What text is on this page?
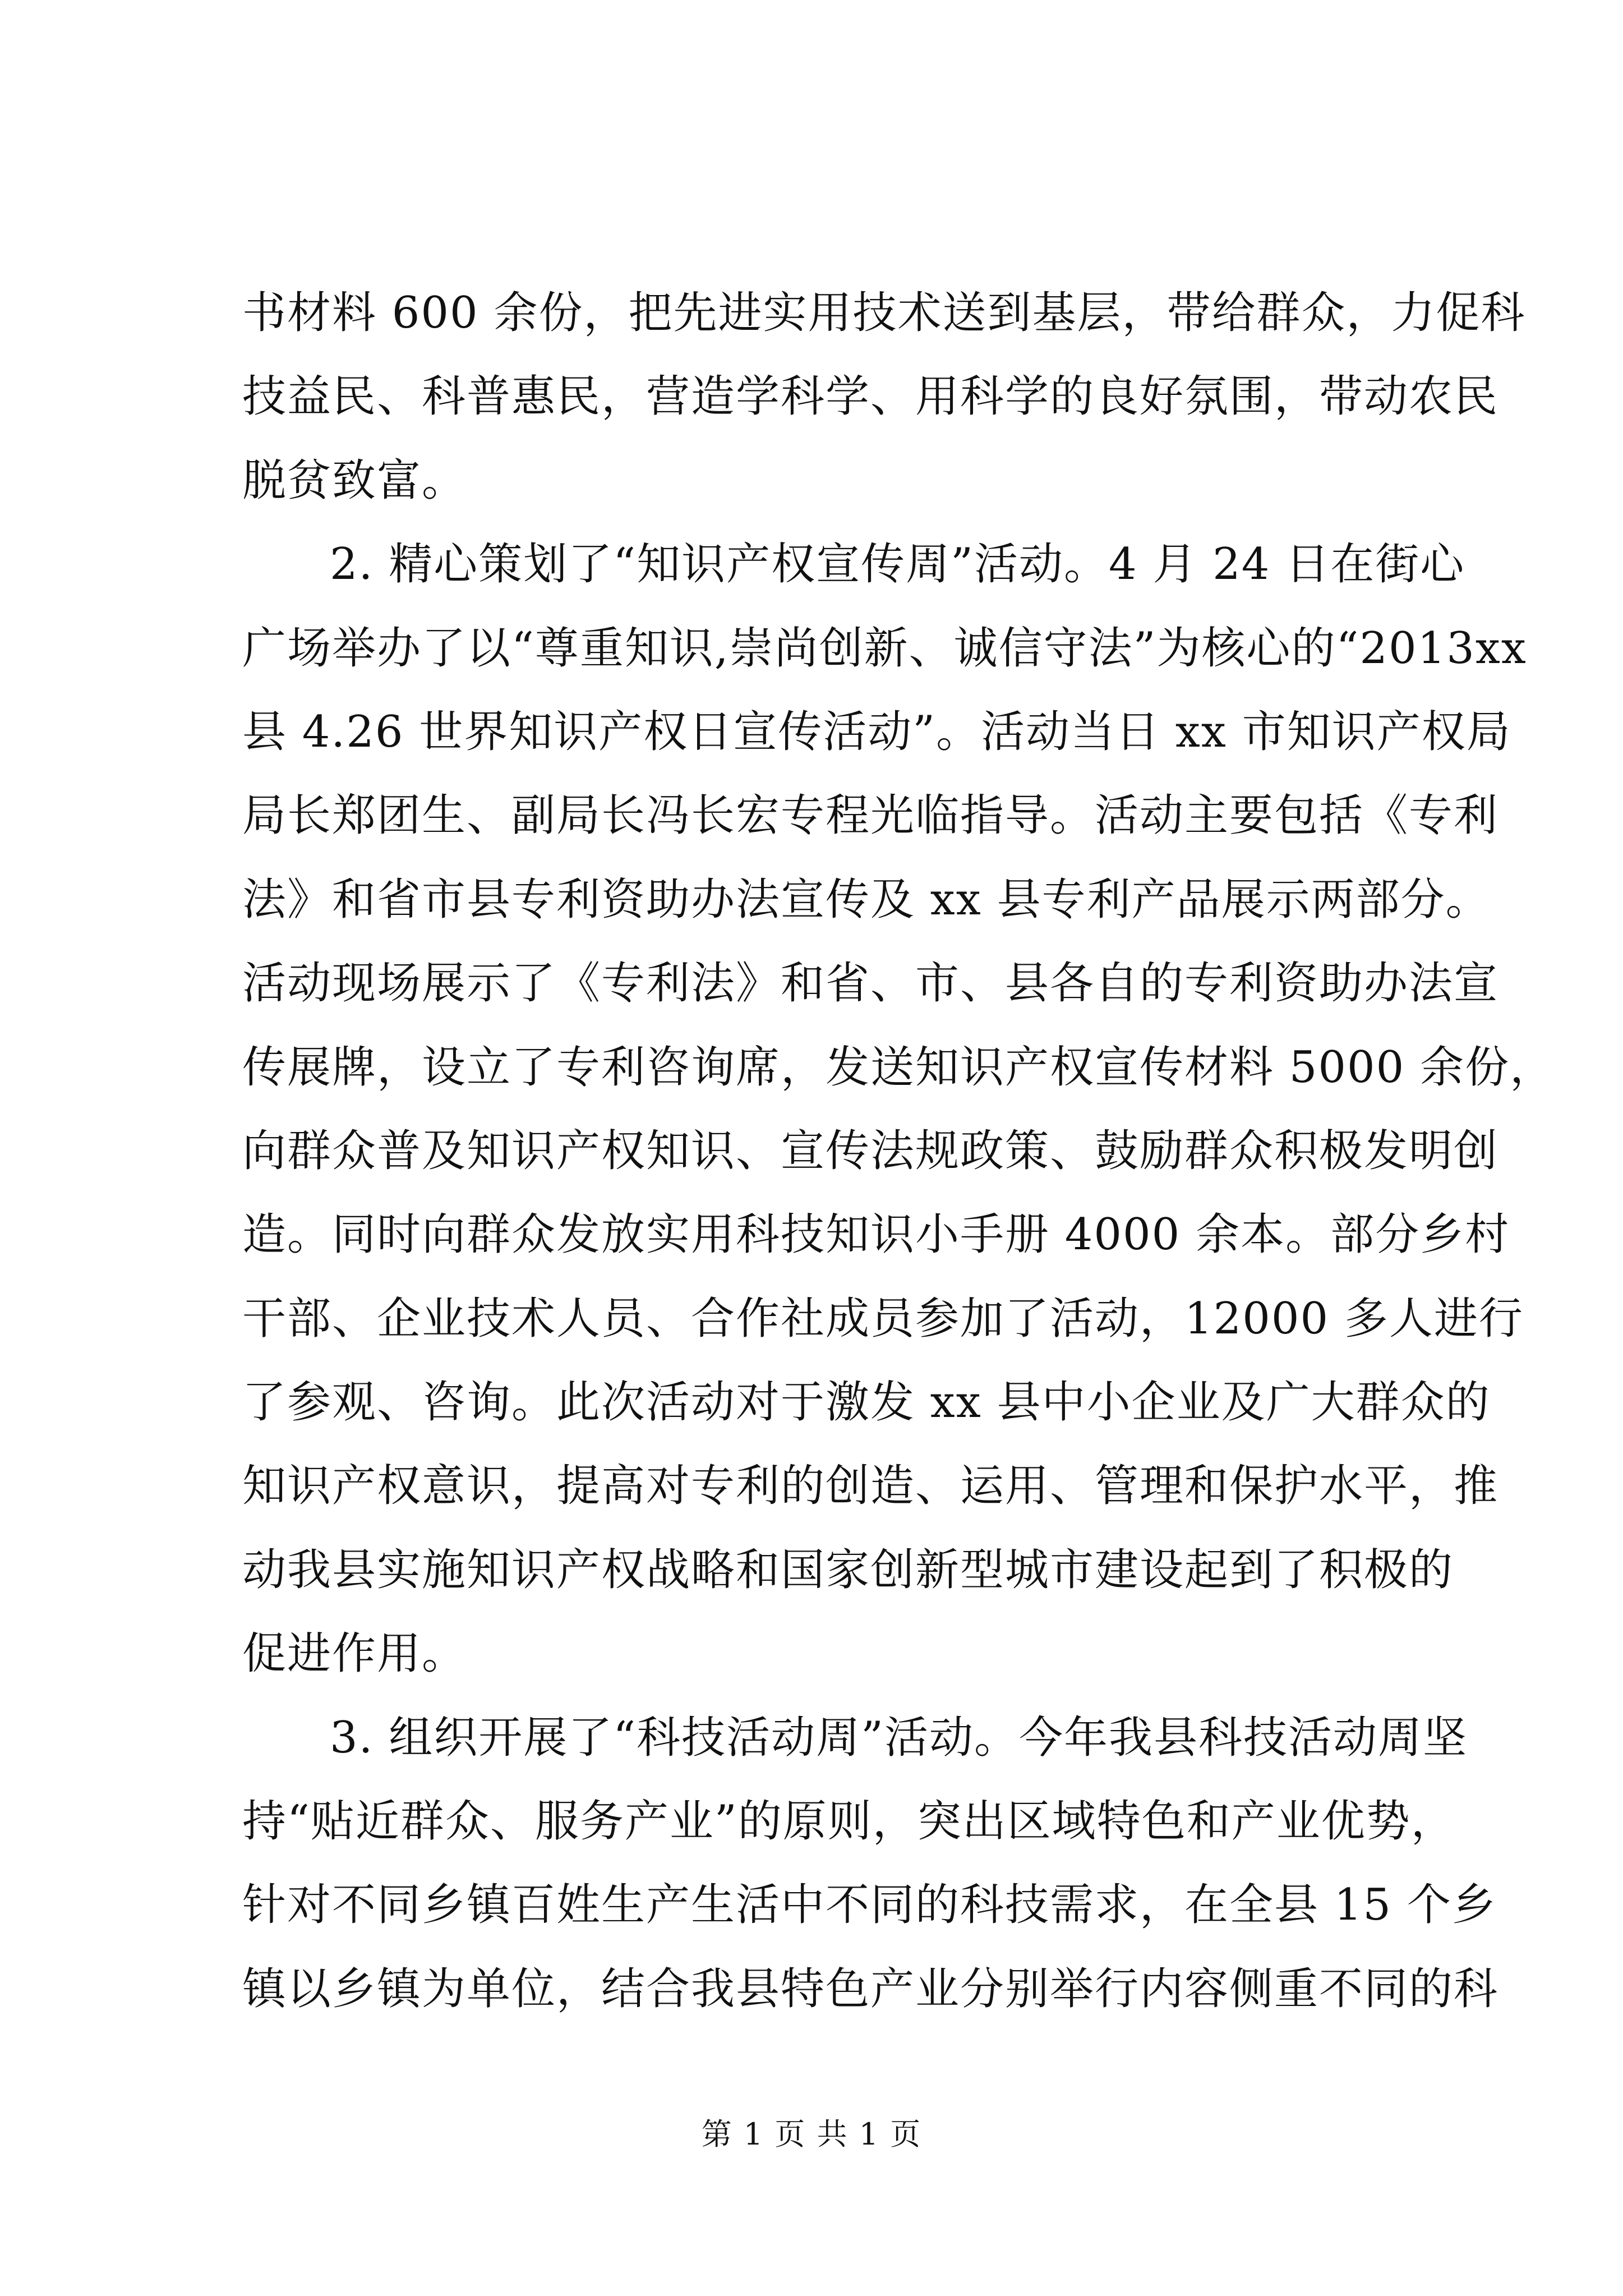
书材料 600 余份，把先进实用技术送到基层，带给群众，力促科
技益民、科普惠民，营造学科学、用科学的良好氛围，带动农民
脱贫致富。
2. 精心策划了“知识产权宣传周”活动。4 月 24 日在街心
广场举办了以“尊重知识,崇尚创新、诚信守法”为核心的“2013xx
县 4.26 世界知识产权日宣传活动”。活动当日 xx 市知识产权局
局长郑团生、副局长冯长宏专程光临指导。活动主要包括《专利
法》和省市县专利资助办法宣传及 xx 县专利产品展示两部分。
活动现场展示了《专利法》和省、市、县各自的专利资助办法宣
传展牌，设立了专利咨询席，发送知识产权宣传材料 5000 余份，
向群众普及知识产权知识、宣传法规政策、鼓励群众积极发明创
造。同时向群众发放实用科技知识小手册 4000 余本。部分乡村
干部、企业技术人员、合作社成员参加了活动，12000 多人进行
了参观、咨询。此次活动对于激发 xx 县中小企业及广大群众的
知识产权意识，提高对专利的创造、运用、管理和保护水平，推
动我县实施知识产权战略和国家创新型城市建设起到了积极的
促进作用。
3. 组织开展了“科技活动周”活动。今年我县科技活动周坚
持“贴近群众、服务产业”的原则，突出区域特色和产业优势，
针对不同乡镇百姓生产生活中不同的科技需求，在全县 15 个乡
镇以乡镇为单位，结合我县特色产业分别举行内容侧重不同的科
第 1 页 共 1 页
